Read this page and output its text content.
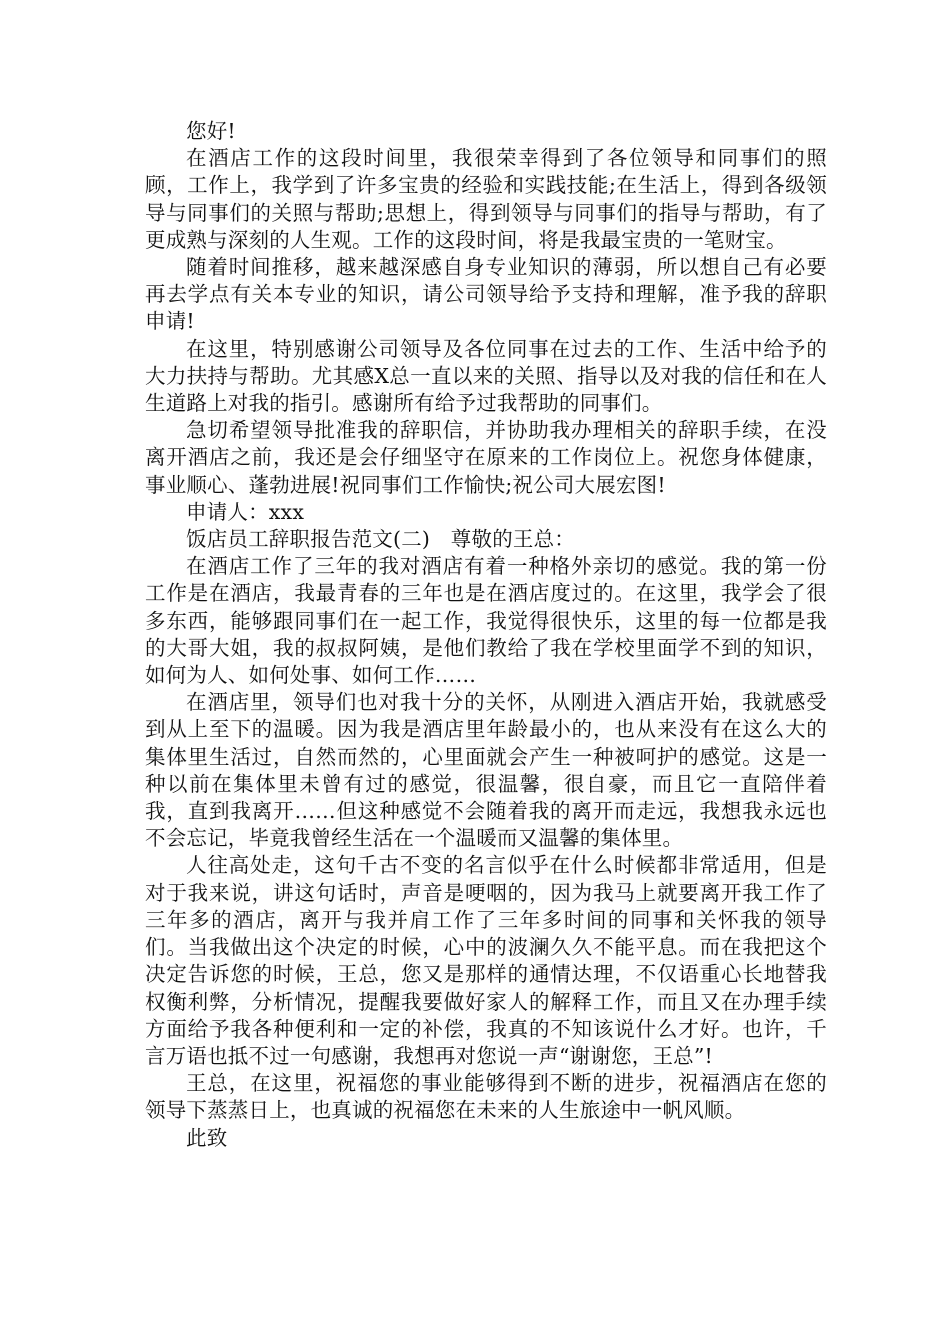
您好!

在酒店工作的这段时间里，我很荣幸得到了各位领导和同事们的照顾，工作上，我学到了许多宝贵的经验和实践技能;在生活上，得到各级领导与同事们的关照与帮助;思想上，得到领导与同事们的指导与帮助，有了更成熟与深刻的人生观。工作的这段时间，将是我最宝贵的一笔财宝。

随着时间推移，越来越深感自身专业知识的薄弱，所以想自己有必要再去学点有关本专业的知识，请公司领导给予支持和理解，准予我的辞职申请!

在这里，特别感谢公司领导及各位同事在过去的工作、生活中给予的大力扶持与帮助。尤其感X总一直以来的关照、指导以及对我的信任和在人生道路上对我的指引。感谢所有给予过我帮助的同事们。

急切希望领导批准我的辞职信，并协助我办理相关的辞职手续，在没离开酒店之前，我还是会仔细坚守在原来的工作岗位上。祝您身体健康，事业顺心、蓬勃进展!祝同事们工作愉快;祝公司大展宏图!

申请人：xxx

饭店员工辞职报告范文(二)　尊敬的王总：

在酒店工作了三年的我对酒店有着一种格外亲切的感觉。我的第一份工作是在酒店，我最青春的三年也是在酒店度过的。在这里，我学会了很多东西，能够跟同事们在一起工作，我觉得很快乐，这里的每一位都是我的大哥大姐，我的叔叔阿姨，是他们教给了我在学校里面学不到的知识，如何为人、如何处事、如何工作……

在酒店里，领导们也对我十分的关怀，从刚进入酒店开始，我就感受到从上至下的温暖。因为我是酒店里年龄最小的，也从来没有在这么大的集体里生活过，自然而然的，心里面就会产生一种被呵护的感觉。这是一种以前在集体里未曾有过的感觉，很温馨，很自豪，而且它一直陪伴着我，直到我离开……但这种感觉不会随着我的离开而走远，我想我永远也不会忘记，毕竟我曾经生活在一个温暖而又温馨的集体里。

人往高处走，这句千古不变的名言似乎在什么时候都非常适用，但是对于我来说，讲这句话时，声音是哽咽的，因为我马上就要离开我工作了三年多的酒店，离开与我并肩工作了三年多时间的同事和关怀我的领导们。当我做出这个决定的时候，心中的波澜久久不能平息。而在我把这个决定告诉您的时候，王总，您又是那样的通情达理，不仅语重心长地替我权衡利弊，分析情况，提醒我要做好家人的解释工作，而且又在办理手续方面给予我各种便利和一定的补偿，我真的不知该说什么才好。也许，千言万语也抵不过一句感谢，我想再对您说一声“谢谢您，王总”!

王总，在这里，祝福您的事业能够得到不断的进步，祝福酒店在您的领导下蒸蒸日上，也真诚的祝福您在未来的人生旅途中一帆风顺。

此致
